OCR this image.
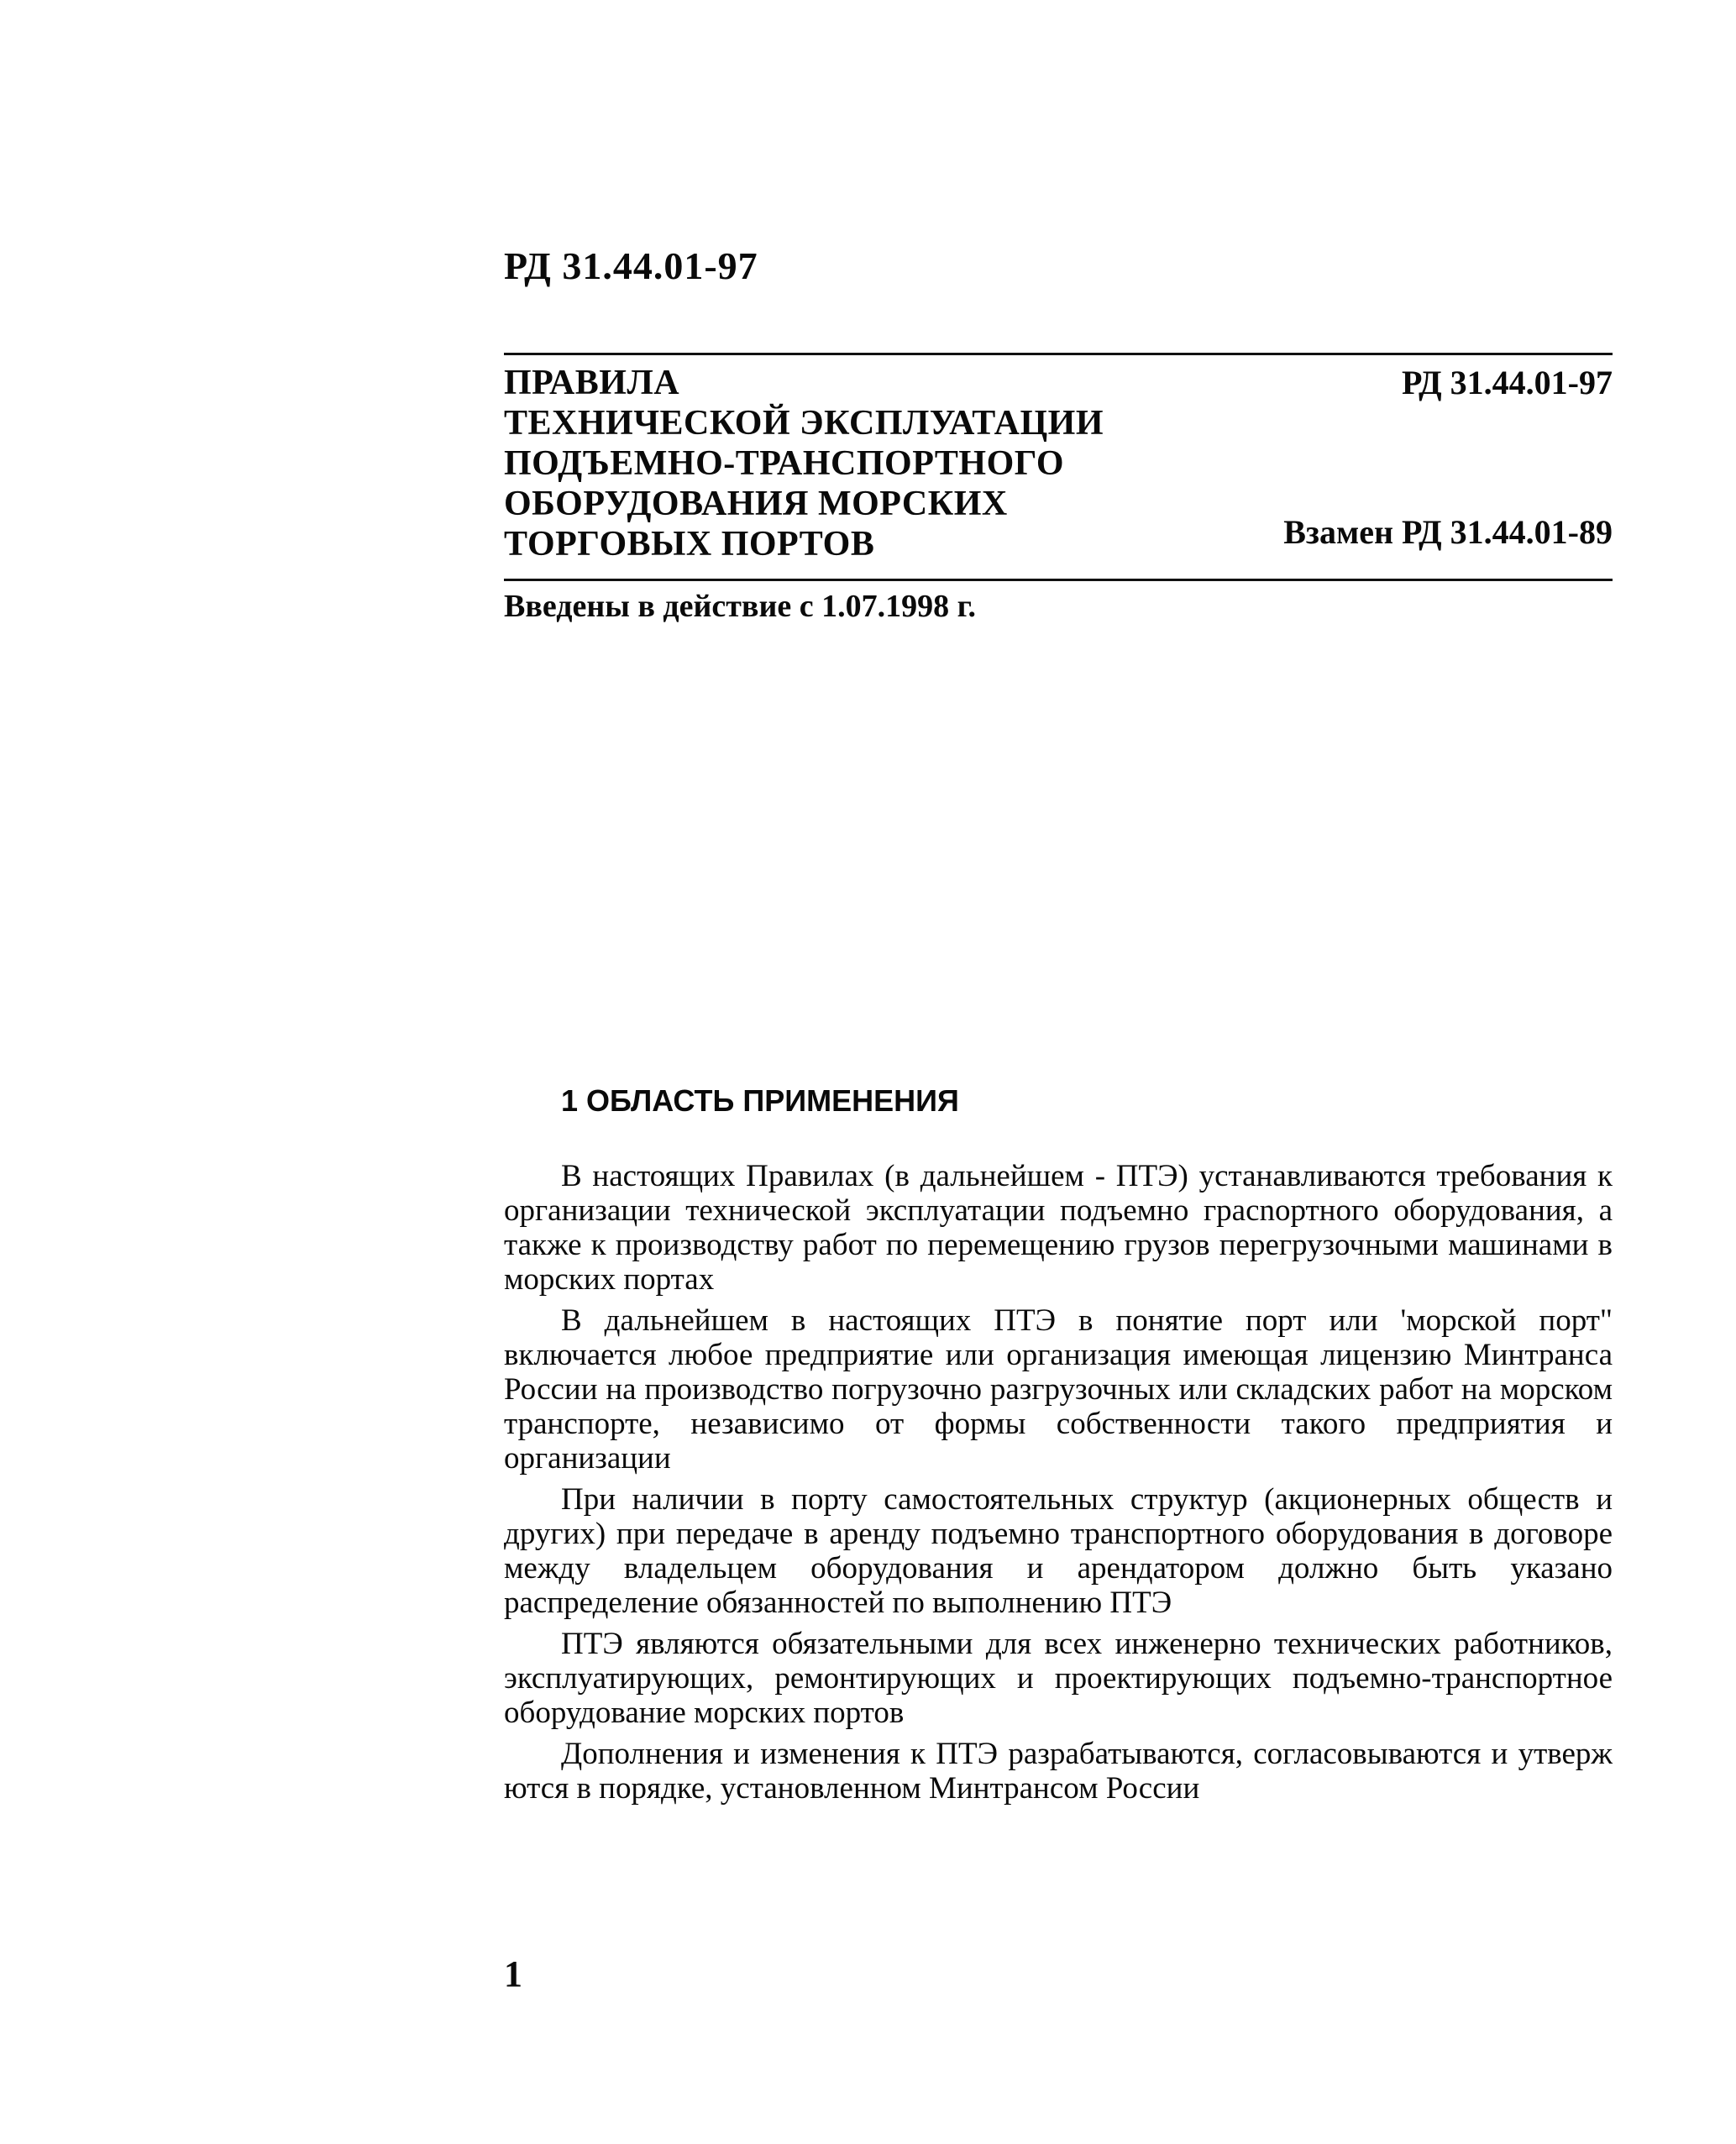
РД 31.44.01-97
ПРАВИЛА
ТЕХНИЧЕСКОЙ ЭКСПЛУАТАЦИИ
ПОДЪЕМНО-ТРАНСПОРТНОГО
ОБОРУДОВАНИЯ МОРСКИХ
ТОРГОВЫХ ПОРТОВ
РД 31.44.01-97
Взамен РД 31.44.01-89
Введены в действие с 1.07.1998 г.
1 ОБЛАСТЬ ПРИМЕНЕНИЯ

В настоящих Правилах (в дальнейшем - ПТЭ) устанавливаются требования к организации технической эксплуатации подъемно грасnортного оборудования, а также к производству работ по перемещению грузов перегрузочными машинами в морских портах

В дальнейшем в настоящих ПТЭ в понятие порт или 'морской порт" включается любое предприятие или организация имеющая лицензию Минтранса России на производство погрузочно разгрузочных или складских работ на морском транспорте, независимо от формы собственности такого предприятия и организации

При наличии в порту самостоятельных структур (акционерных обществ и других) при передаче в аренду подъемно транспортного оборудования в договоре между владельцем оборудования и арендатором должно быть указано распределение обязанностей по выполнению ПТЭ

ПТЭ являются обязательными для всех инженерно технических работников, эксплуатирующих, ремонтирующих и проектирующих подъемно-транспортное оборудование морских портов

Дополнения и изменения к ПТЭ разрабатываются, согласовываются и утверж ются в порядке, установленном Минтрансом России

1
